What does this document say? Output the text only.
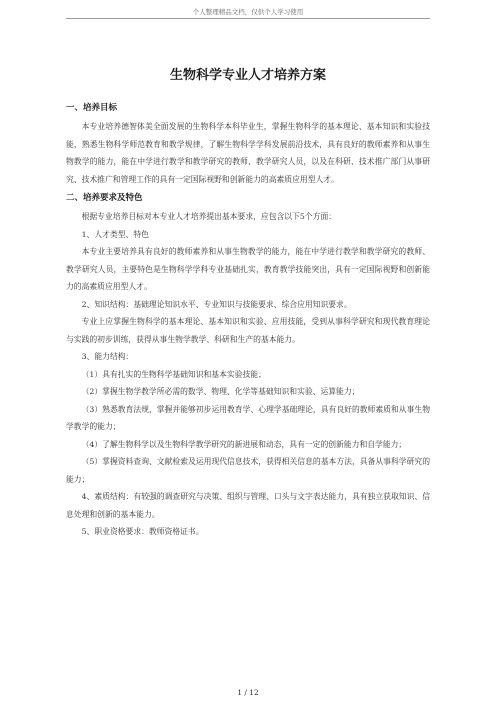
个人整理精品文档，仅供个人学习使用
生物科学专业人才培养方案
一、培养目标

本专业培养德智体美全面发展的生物科学本科毕业生，掌握生物科学的基本理论、基本知识和实验技能，熟悉生物科学师范教育和教学规律，了解生物科学学科发展前沿技术，具有良好的教师素养和从事生物教学的能力，能在中学进行教学和教学研究的教师、教学研究人员，以及在科研、技术推广部门从事研究、技术推广和管理工作的具有一定国际视野和创新能力的高素质应用型人才。

二、培养要求及特色

根据专业培养目标对本专业人才培养提出基本要求，应包含以下5个方面：

1、人才类型、特色

本专业主要培养具有良好的教师素养和从事生物教学的能力，能在中学进行教学和教学研究的教师、教学研究人员，主要特色是生物科学学科专业基础扎实，教育教学技能突出，具有一定国际视野和创新能力的高素质应用型人才。

2、知识结构：基础理论知识水平、专业知识与技能要求、综合应用知识要求。

专业上应掌握生物科学的基本理论、基本知识和实验、应用技能，受到从事科学研究和现代教育理论与实践的初步训练，获得从事生物学教学、科研和生产的基本能力。

3、能力结构：

（1）具有扎实的生物科学基础知识和基本实验技能；

（2）掌握生物学教学所必需的数学、物理、化学等基础知识和实验、运算能力；

（3）熟悉教育法规，掌握并能够初步运用教育学、心理学基础理论，具有良好的教师素质和从事生物学教学的能力；

（4）了解生物科学以及生物科学教学研究的新进展和动态，具有一定的创新能力和自学能力；

（5）掌握资料查询、文献检索及运用现代信息技术，获得相关信息的基本方法，具备从事科学研究的能力；

4、素质结构：有较强的调查研究与决策、组织与管理、口头与文字表达能力，具有独立获取知识、信息处理和创新的基本能力。

5、职业资格要求：教师资格证书。

1 / 12
